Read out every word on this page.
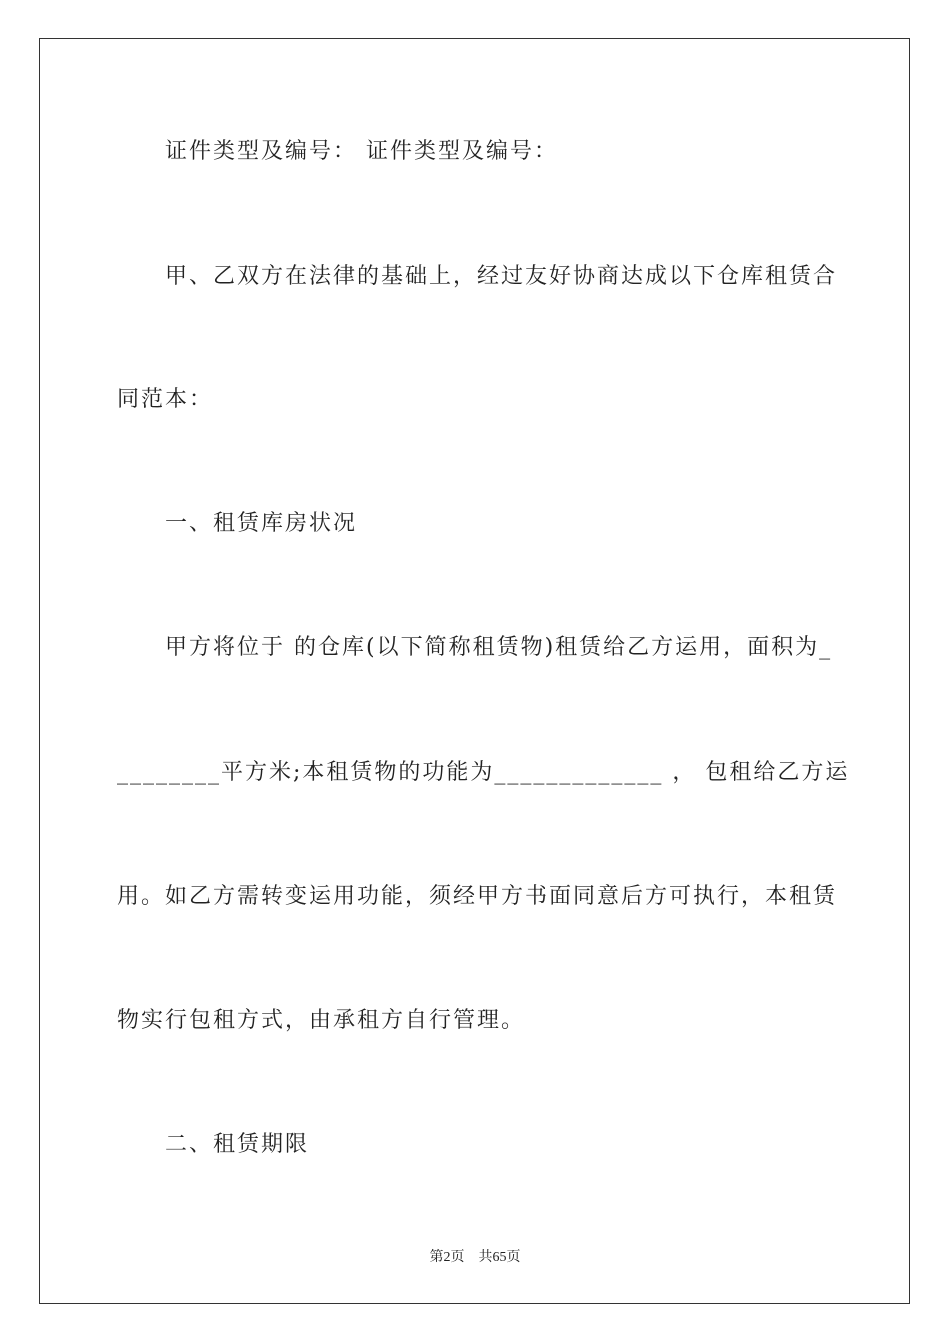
证件类型及编号： 证件类型及编号：
甲、乙双方在法律的基础上，经过友好协商达成以下仓库租赁合
同范本：
一、租赁库房状况
甲方将位于 的仓库(以下简称租赁物)租赁给乙方运用，面积为_
________平方米;本租赁物的功能为_____________ ， 包租给乙方运
用。如乙方需转变运用功能，须经甲方书面同意后方可执行，本租赁
物实行包租方式，由承租方自行管理。
二、租赁期限
第2页 共65页
